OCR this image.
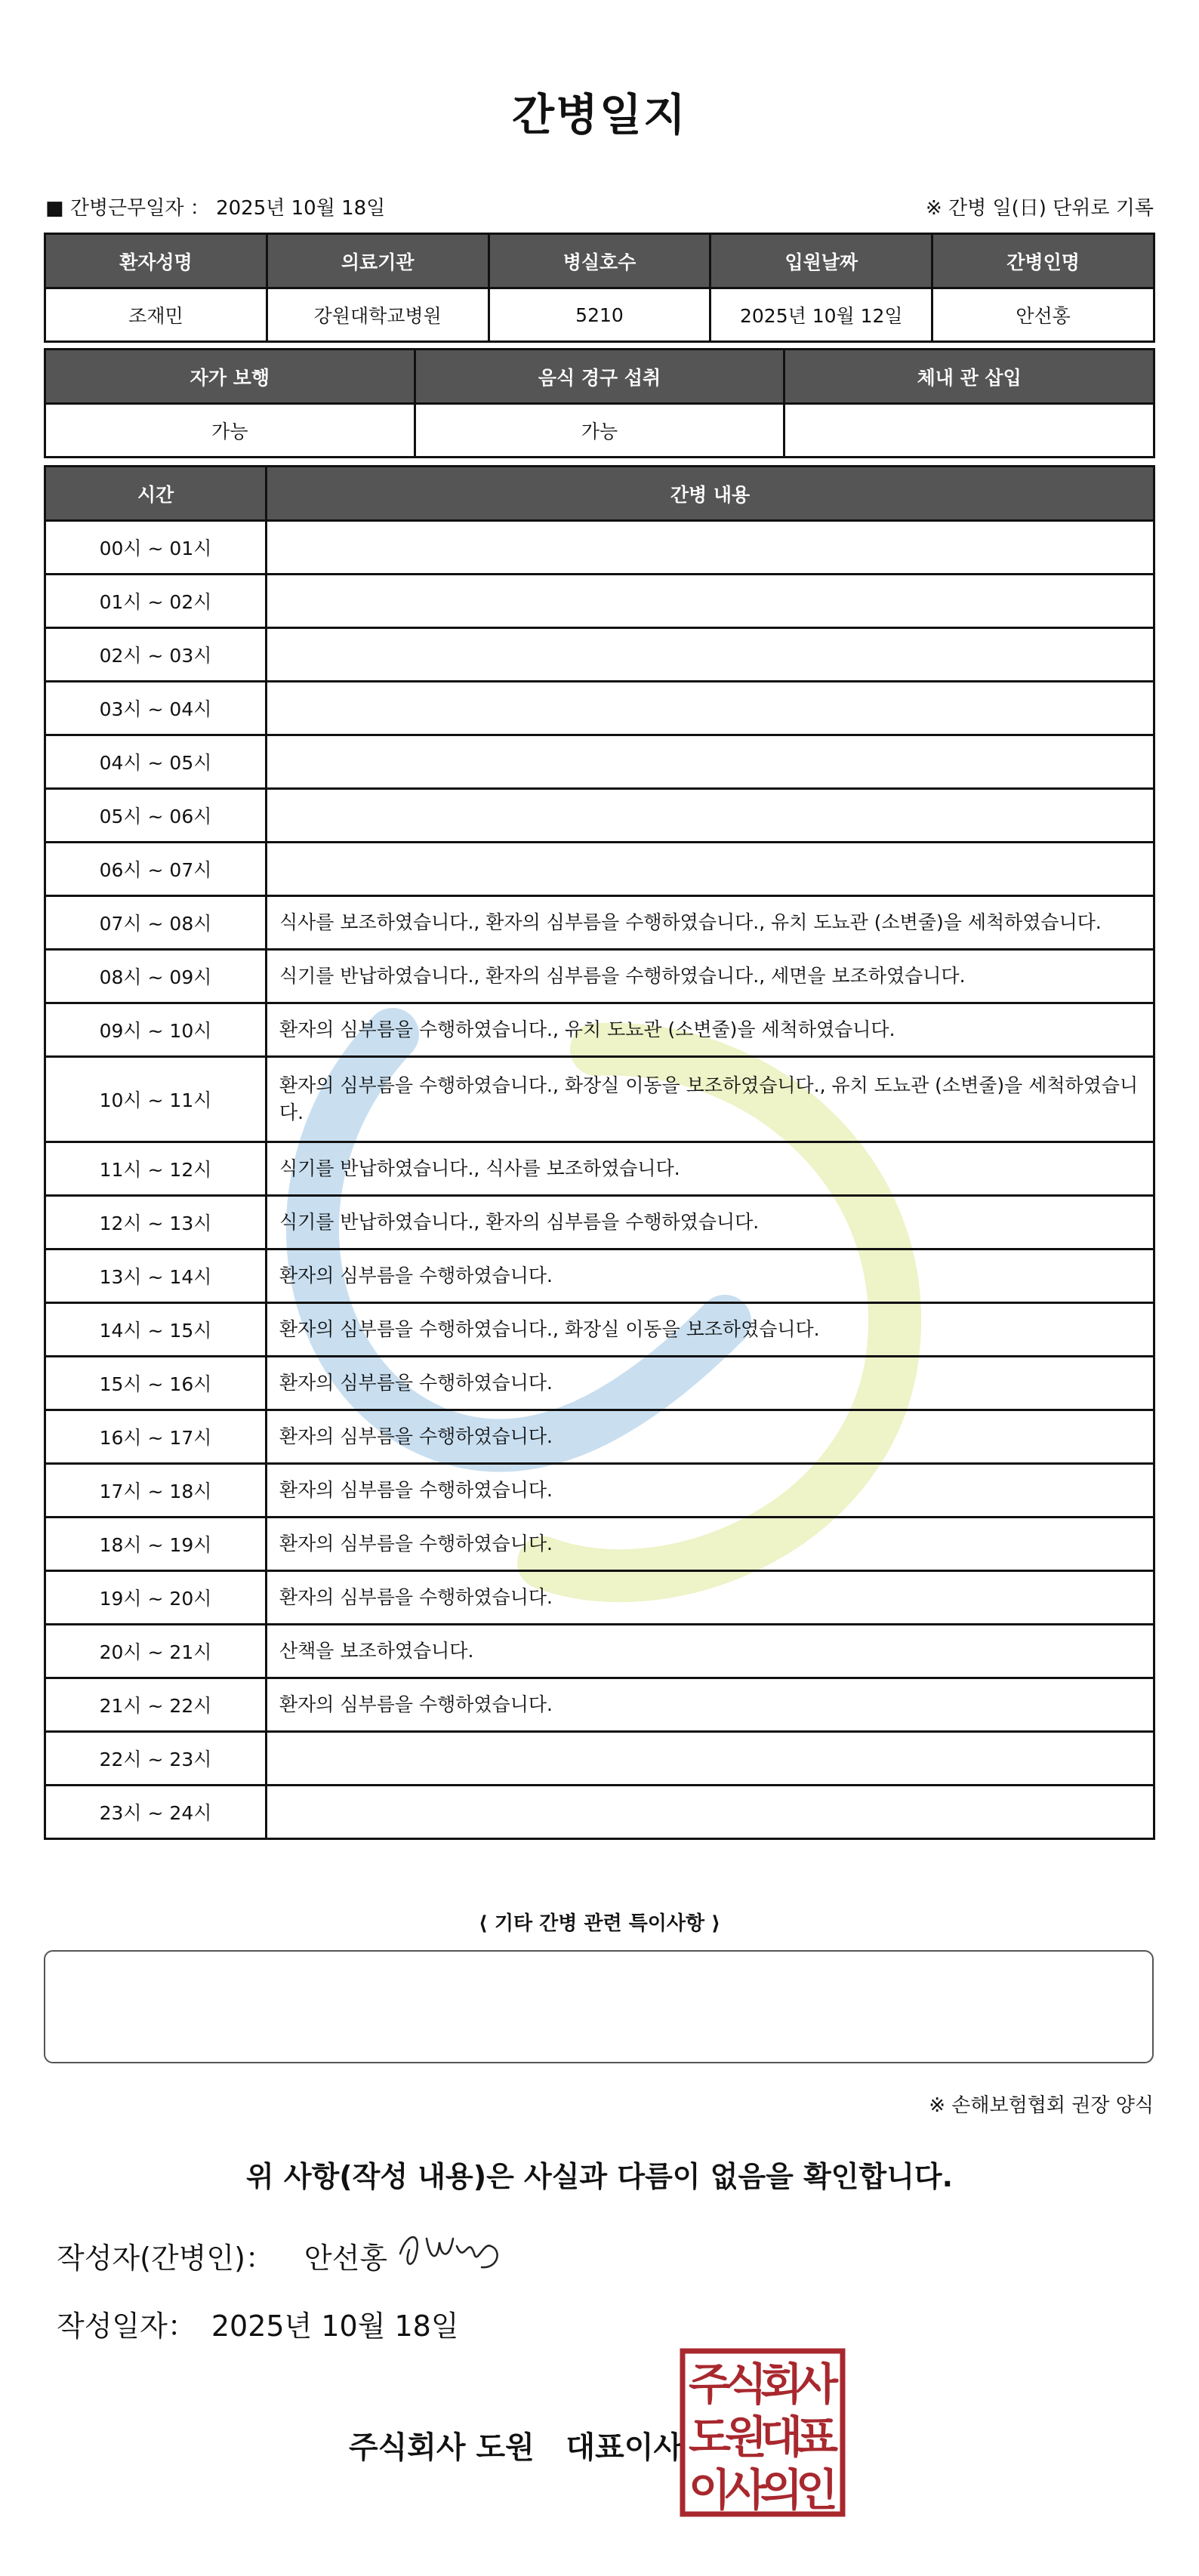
간병일지
■ 간병근무일자 ： 2025년 10월 18일	※ 간병 일(日) 단위로 기록
환자성명	의료기관	병실호수	입원날짜	간병인명
조재민	강원대학교병원	5210	2025년 10월 12일	안선홍
자가 보행	음식 경구 섭취	체내 관 삽입
가능	가능	
시간	간병 내용
00시 ~ 01시	
01시 ~ 02시	
02시 ~ 03시	
03시 ~ 04시	
04시 ~ 05시	
05시 ~ 06시	
06시 ~ 07시	
07시 ~ 08시	식사를 보조하였습니다., 환자의 심부름을 수행하였습니다., 유치 도뇨관 (소변줄)을 세척하였습니다.
08시 ~ 09시	식기를 반납하였습니다., 환자의 심부름을 수행하였습니다., 세면을 보조하였습니다.
09시 ~ 10시	환자의 심부름을 수행하였습니다., 유치 도뇨관 (소변줄)을 세척하였습니다.
10시 ~ 11시	환자의 심부름을 수행하였습니다., 화장실 이동을 보조하였습니다., 유치 도뇨관 (소변줄)을 세척하였습니다.
11시 ~ 12시	식기를 반납하였습니다., 식사를 보조하였습니다.
12시 ~ 13시	식기를 반납하였습니다., 환자의 심부름을 수행하였습니다.
13시 ~ 14시	환자의 심부름을 수행하였습니다.
14시 ~ 15시	환자의 심부름을 수행하였습니다., 화장실 이동을 보조하였습니다.
15시 ~ 16시	환자의 심부름을 수행하였습니다.
16시 ~ 17시	환자의 심부름을 수행하였습니다.
17시 ~ 18시	환자의 심부름을 수행하였습니다.
18시 ~ 19시	환자의 심부름을 수행하였습니다.
19시 ~ 20시	환자의 심부름을 수행하였습니다.
20시 ~ 21시	산책을 보조하였습니다.
21시 ~ 22시	환자의 심부름을 수행하였습니다.
22시 ~ 23시	
23시 ~ 24시	
⟨ 기타 간병 관련 특이사항 ⟩
※ 손해보험협회 권장 양식
위 사항(작성 내용)은 사실과 다름이 없음을 확인합니다.
작성자(간병인)： 안선홍
작성일자： 2025년 10월 18일
주식회사 도원   대표이사
주
식
회
사
도
원
대
표
이
사
의
인
